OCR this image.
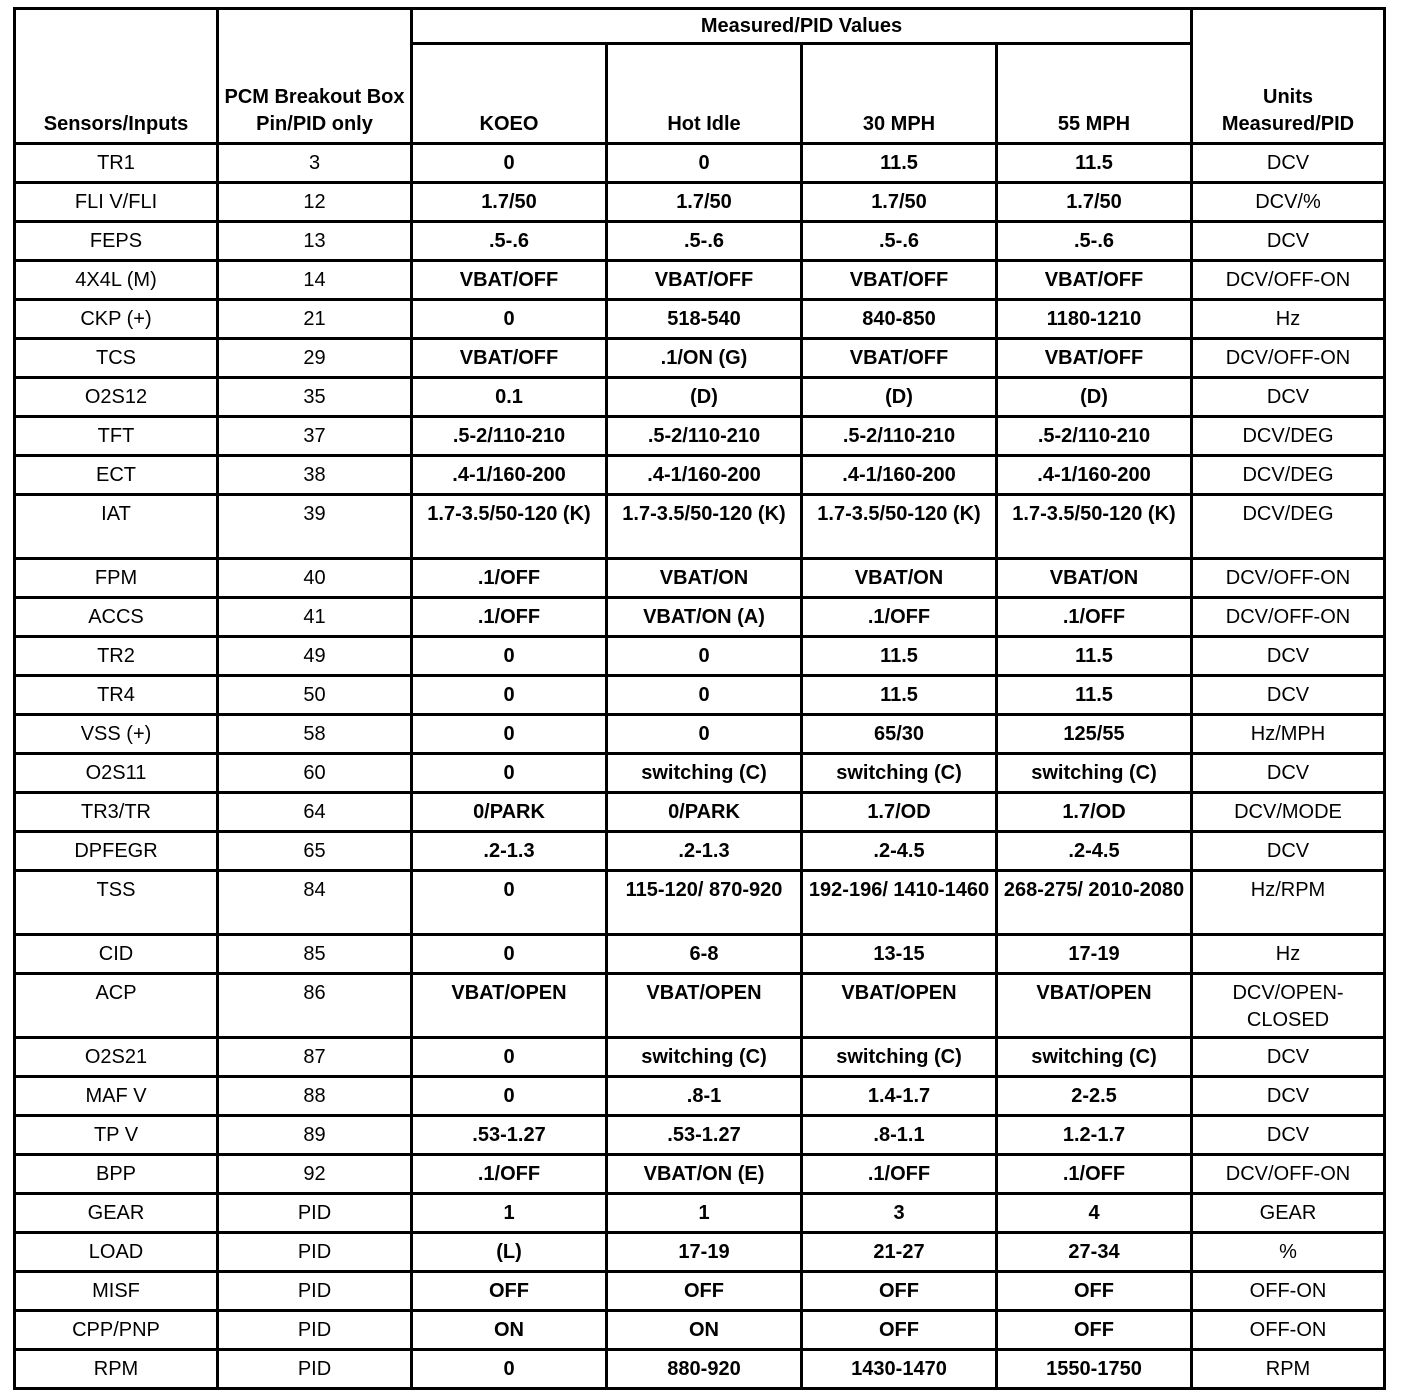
Sensors/Inputs	PCM Breakout Box Pin/PID only	Measured/PID Values				Units Measured/PID
		KOEO	Hot Idle	30 MPH	55 MPH	
TR1	3	0	0	11.5	11.5	DCV
FLI V/FLI	12	1.7/50	1.7/50	1.7/50	1.7/50	DCV/%
FEPS	13	.5-.6	.5-.6	.5-.6	.5-.6	DCV
4X4L (M)	14	VBAT/OFF	VBAT/OFF	VBAT/OFF	VBAT/OFF	DCV/OFF-ON
CKP (+)	21	0	518-540	840-850	1180-1210	Hz
TCS	29	VBAT/OFF	.1/ON (G)	VBAT/OFF	VBAT/OFF	DCV/OFF-ON
O2S12	35	0.1	(D)	(D)	(D)	DCV
TFT	37	.5-2/110-210	.5-2/110-210	.5-2/110-210	.5-2/110-210	DCV/DEG
ECT	38	.4-1/160-200	.4-1/160-200	.4-1/160-200	.4-1/160-200	DCV/DEG
IAT	39	1.7-3.5/50-120 (K)	1.7-3.5/50-120 (K)	1.7-3.5/50-120 (K)	1.7-3.5/50-120 (K)	DCV/DEG
FPM	40	.1/OFF	VBAT/ON	VBAT/ON	VBAT/ON	DCV/OFF-ON
ACCS	41	.1/OFF	VBAT/ON (A)	.1/OFF	.1/OFF	DCV/OFF-ON
TR2	49	0	0	11.5	11.5	DCV
TR4	50	0	0	11.5	11.5	DCV
VSS (+)	58	0	0	65/30	125/55	Hz/MPH
O2S11	60	0	switching (C)	switching (C)	switching (C)	DCV
TR3/TR	64	0/PARK	0/PARK	1.7/OD	1.7/OD	DCV/MODE
DPFEGR	65	.2-1.3	.2-1.3	.2-4.5	.2-4.5	DCV
TSS	84	0	115-120/ 870-920	192-196/ 1410-1460	268-275/ 2010-2080	Hz/RPM
CID	85	0	6-8	13-15	17-19	Hz
ACP	86	VBAT/OPEN	VBAT/OPEN	VBAT/OPEN	VBAT/OPEN	DCV/OPEN- CLOSED
O2S21	87	0	switching (C)	switching (C)	switching (C)	DCV
MAF V	88	0	.8-1	1.4-1.7	2-2.5	DCV
TP V	89	.53-1.27	.53-1.27	.8-1.1	1.2-1.7	DCV
BPP	92	.1/OFF	VBAT/ON (E)	.1/OFF	.1/OFF	DCV/OFF-ON
GEAR	PID	1	1	3	4	GEAR
LOAD	PID	(L)	17-19	21-27	27-34	%
MISF	PID	OFF	OFF	OFF	OFF	OFF-ON
CPP/PNP	PID	ON	ON	OFF	OFF	OFF-ON
RPM	PID	0	880-920	1430-1470	1550-1750	RPM
